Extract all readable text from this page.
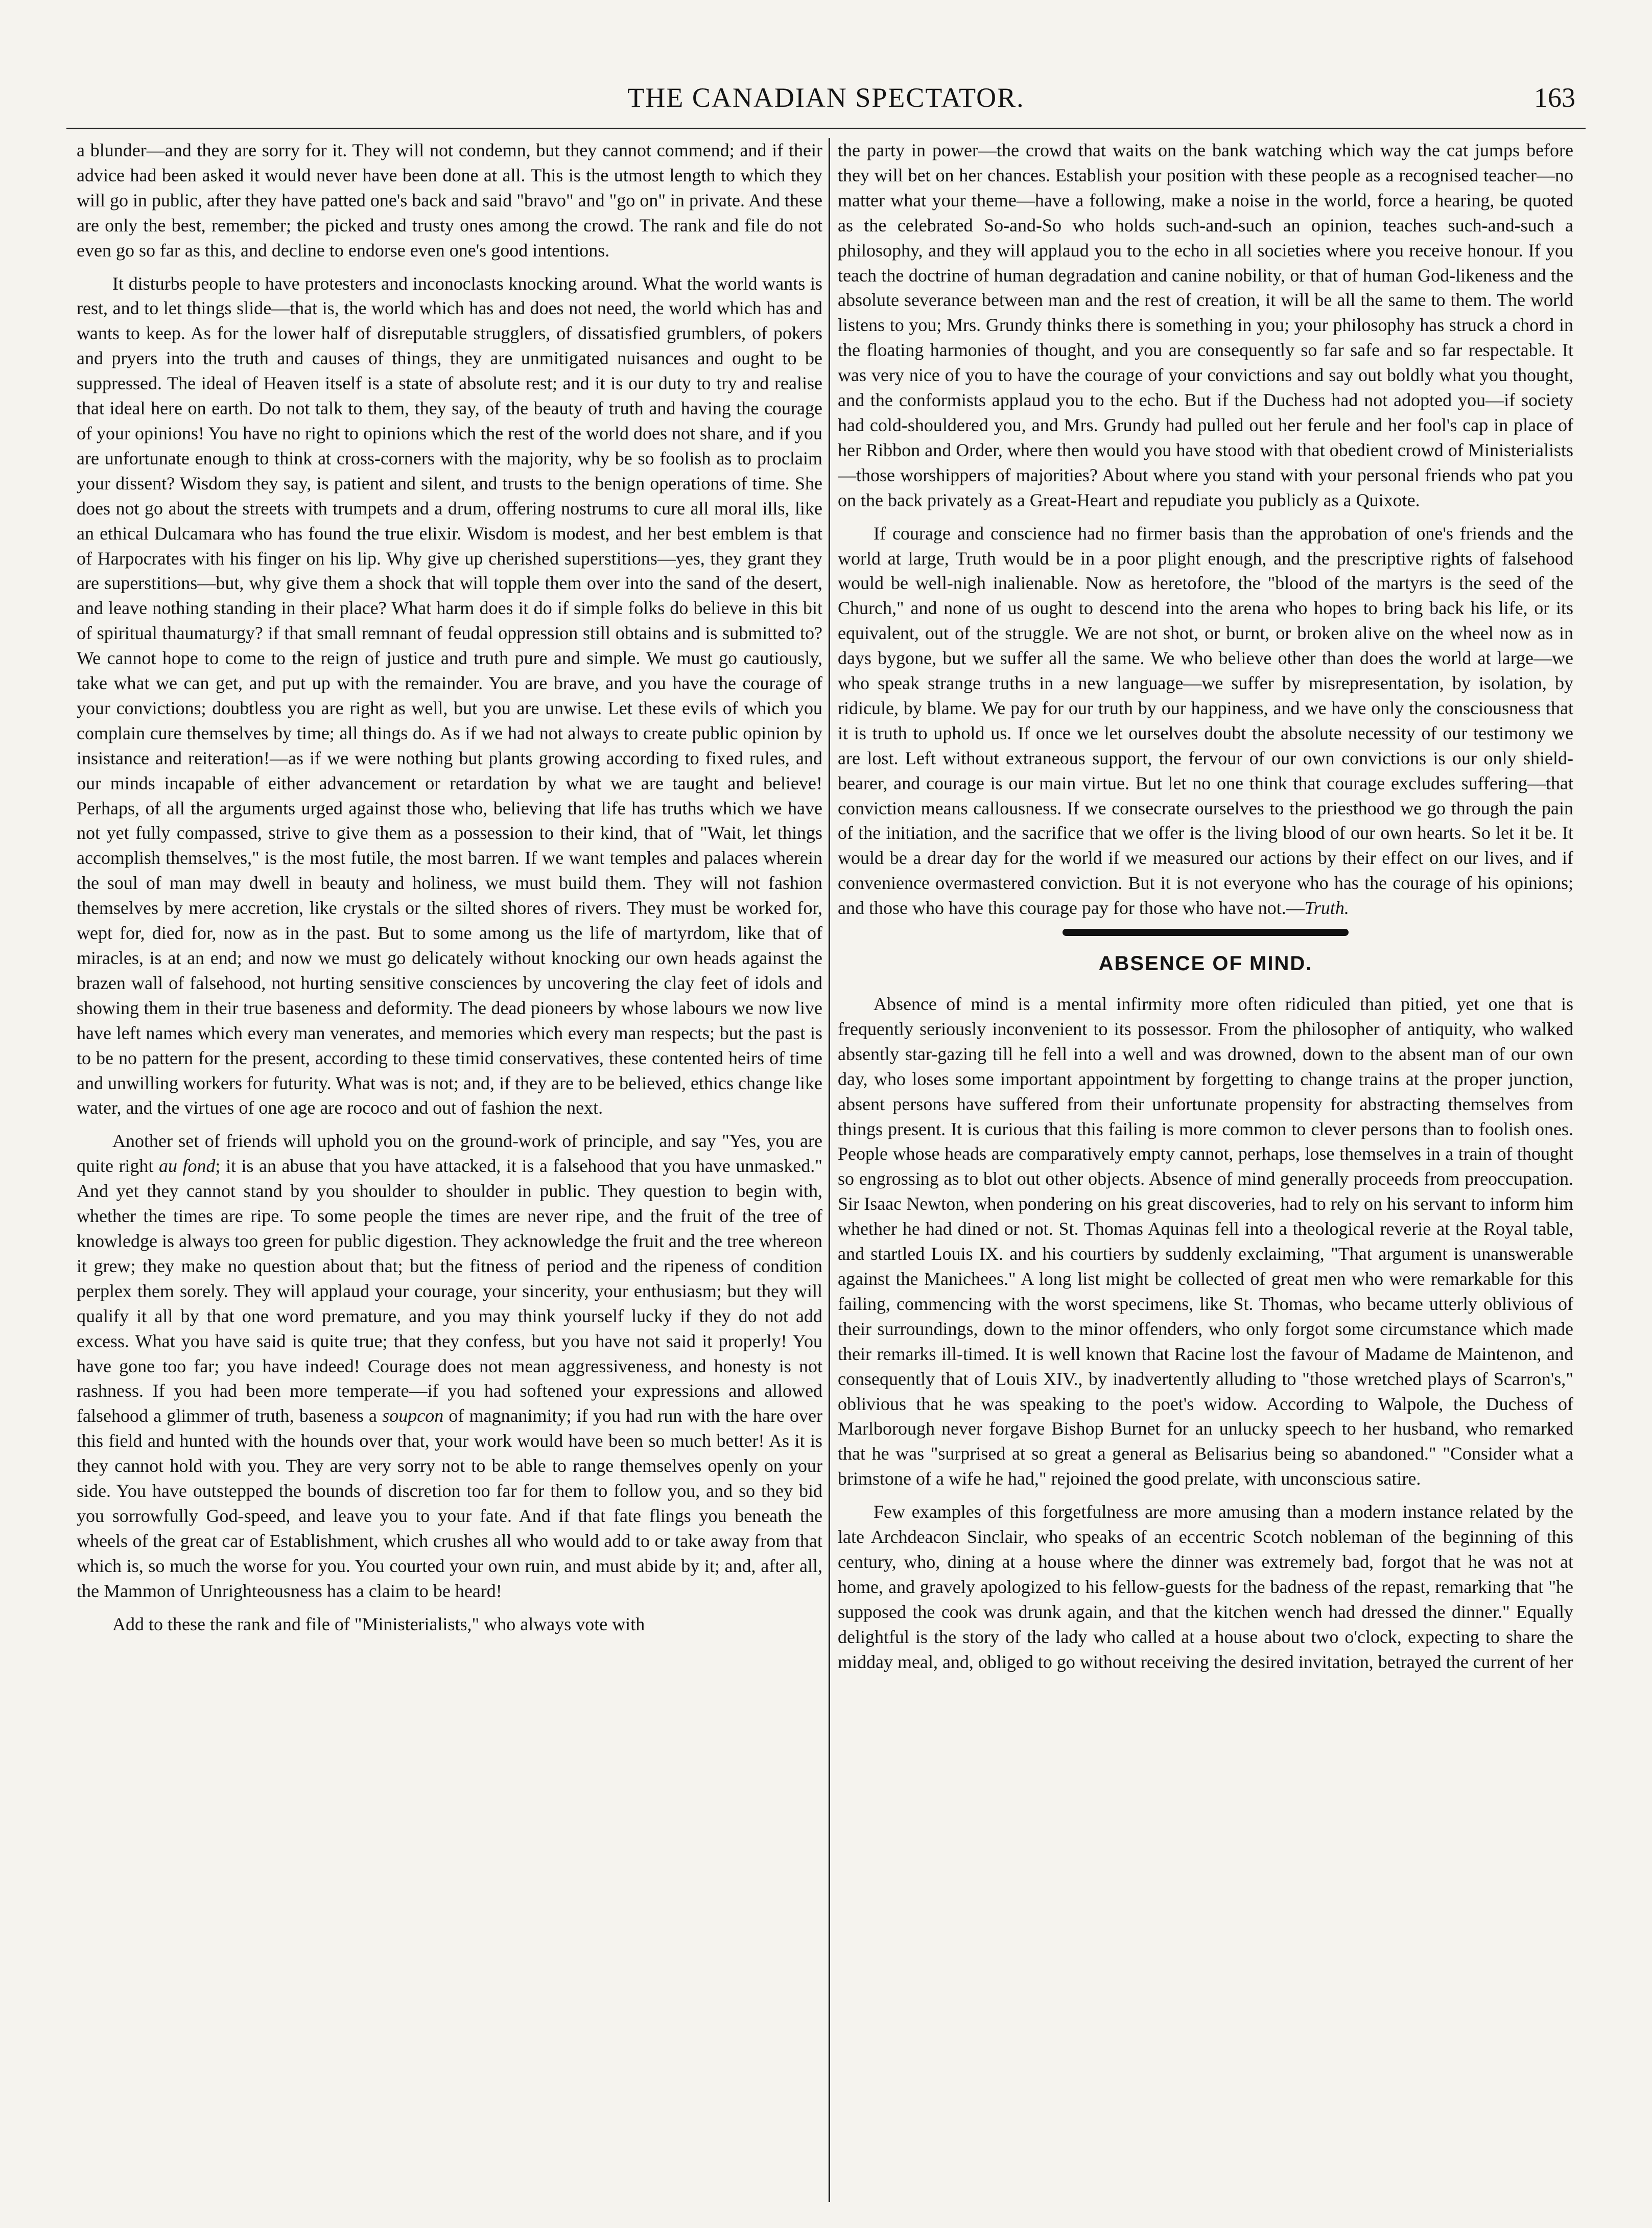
THE CANADIAN SPECTATOR.	163

a blunder—and they are sorry for it. They will not condemn, but they cannot commend; and if their advice had been asked it would never have been done at all. This is the utmost length to which they will go in public, after they have patted one's back and said "bravo" and "go on" in private. And these are only the best, remember; the picked and trusty ones among the crowd. The rank and file do not even go so far as this, and decline to endorse even one's good intentions.

It disturbs people to have protesters and inconoclasts knocking around. What the world wants is rest, and to let things slide—that is, the world which has and does not need, the world which has and wants to keep. As for the lower half of disreputable strugglers, of dissatisfied grumblers, of pokers and pryers into the truth and causes of things, they are unmitigated nuisances and ought to be suppressed. The ideal of Heaven itself is a state of absolute rest; and it is our duty to try and realise that ideal here on earth. Do not talk to them, they say, of the beauty of truth and having the courage of your opinions! You have no right to opinions which the rest of the world does not share, and if you are unfortunate enough to think at cross-corners with the majority, why be so foolish as to proclaim your dissent? Wisdom they say, is patient and silent, and trusts to the benign operations of time. She does not go about the streets with trumpets and a drum, offering nostrums to cure all moral ills, like an ethical Dulcamara who has found the true elixir. Wisdom is modest, and her best emblem is that of Harpocrates with his finger on his lip. Why give up cherished superstitions—yes, they grant they are superstitions—but, why give them a shock that will topple them over into the sand of the desert, and leave nothing standing in their place? What harm does it do if simple folks do believe in this bit of spiritual thaumaturgy? if that small remnant of feudal oppression still obtains and is submitted to? We cannot hope to come to the reign of justice and truth pure and simple. We must go cautiously, take what we can get, and put up with the remainder. You are brave, and you have the courage of your convictions; doubtless you are right as well, but you are unwise. Let these evils of which you complain cure themselves by time; all things do. As if we had not always to create public opinion by insistance and reiteration!—as if we were nothing but plants growing according to fixed rules, and our minds incapable of either advancement or retardation by what we are taught and believe! Perhaps, of all the arguments urged against those who, believing that life has truths which we have not yet fully compassed, strive to give them as a possession to their kind, that of "Wait, let things accomplish themselves," is the most futile, the most barren. If we want temples and palaces wherein the soul of man may dwell in beauty and holiness, we must build them. They will not fashion themselves by mere accretion, like crystals or the silted shores of rivers. They must be worked for, wept for, died for, now as in the past. But to some among us the life of martyrdom, like that of miracles, is at an end; and now we must go delicately without knocking our own heads against the brazen wall of falsehood, not hurting sensitive consciences by uncovering the clay feet of idols and showing them in their true baseness and deformity. The dead pioneers by whose labours we now live have left names which every man venerates, and memories which every man respects; but the past is to be no pattern for the present, according to these timid conservatives, these contented heirs of time and unwilling workers for futurity. What was is not; and, if they are to be believed, ethics change like water, and the virtues of one age are rococo and out of fashion the next.

Another set of friends will uphold you on the ground-work of principle, and say "Yes, you are quite right au fond; it is an abuse that you have attacked, it is a falsehood that you have unmasked." And yet they cannot stand by you shoulder to shoulder in public. They question to begin with, whether the times are ripe. To some people the times are never ripe, and the fruit of the tree of knowledge is always too green for public digestion. They acknowledge the fruit and the tree whereon it grew; they make no question about that; but the fitness of period and the ripeness of condition perplex them sorely. They will applaud your courage, your sincerity, your enthusiasm; but they will qualify it all by that one word premature, and you may think yourself lucky if they do not add excess. What you have said is quite true; that they confess, but you have not said it properly! You have gone too far; you have indeed! Courage does not mean aggressiveness, and honesty is not rashness. If you had been more temperate—if you had softened your expressions and allowed falsehood a glimmer of truth, baseness a soupcon of magnanimity; if you had run with the hare over this field and hunted with the hounds over that, your work would have been so much better! As it is they cannot hold with you. They are very sorry not to be able to range themselves openly on your side. You have outstepped the bounds of discretion too far for them to follow you, and so they bid you sorrowfully God-speed, and leave you to your fate. And if that fate flings you beneath the wheels of the great car of Establishment, which crushes all who would add to or take away from that which is, so much the worse for you. You courted your own ruin, and must abide by it; and, after all, the Mammon of Unrighteousness has a claim to be heard!

Add to these the rank and file of "Ministerialists," who always vote with

the party in power—the crowd that waits on the bank watching which way the cat jumps before they will bet on her chances. Establish your position with these people as a recognised teacher—no matter what your theme—have a following, make a noise in the world, force a hearing, be quoted as the celebrated So-and-So who holds such-and-such an opinion, teaches such-and-such a philosophy, and they will applaud you to the echo in all societies where you receive honour. If you teach the doctrine of human degradation and canine nobility, or that of human God-likeness and the absolute severance between man and the rest of creation, it will be all the same to them. The world listens to you; Mrs. Grundy thinks there is something in you; your philosophy has struck a chord in the floating harmonies of thought, and you are consequently so far safe and so far respectable. It was very nice of you to have the courage of your convictions and say out boldly what you thought, and the conformists applaud you to the echo. But if the Duchess had not adopted you—if society had cold-shouldered you, and Mrs. Grundy had pulled out her ferule and her fool's cap in place of her Ribbon and Order, where then would you have stood with that obedient crowd of Ministerialists—those worshippers of majorities? About where you stand with your personal friends who pat you on the back privately as a Great-Heart and repudiate you publicly as a Quixote.

If courage and conscience had no firmer basis than the approbation of one's friends and the world at large, Truth would be in a poor plight enough, and the prescriptive rights of falsehood would be well-nigh inalienable. Now as heretofore, the "blood of the martyrs is the seed of the Church," and none of us ought to descend into the arena who hopes to bring back his life, or its equivalent, out of the struggle. We are not shot, or burnt, or broken alive on the wheel now as in days bygone, but we suffer all the same. We who believe other than does the world at large—we who speak strange truths in a new language—we suffer by misrepresentation, by isolation, by ridicule, by blame. We pay for our truth by our happiness, and we have only the consciousness that it is truth to uphold us. If once we let ourselves doubt the absolute necessity of our testimony we are lost. Left without extraneous support, the fervour of our own convictions is our only shield-bearer, and courage is our main virtue. But let no one think that courage excludes suffering—that conviction means callousness. If we consecrate ourselves to the priesthood we go through the pain of the initiation, and the sacrifice that we offer is the living blood of our own hearts. So let it be. It would be a drear day for the world if we measured our actions by their effect on our lives, and if convenience overmastered conviction. But it is not everyone who has the courage of his opinions; and those who have this courage pay for those who have not.—Truth.

ABSENCE OF MIND.

Absence of mind is a mental infirmity more often ridiculed than pitied, yet one that is frequently seriously inconvenient to its possessor. From the philosopher of antiquity, who walked absently star-gazing till he fell into a well and was drowned, down to the absent man of our own day, who loses some important appointment by forgetting to change trains at the proper junction, absent persons have suffered from their unfortunate propensity for abstracting themselves from things present. It is curious that this failing is more common to clever persons than to foolish ones. People whose heads are comparatively empty cannot, perhaps, lose themselves in a train of thought so engrossing as to blot out other objects. Absence of mind generally proceeds from preoccupation. Sir Isaac Newton, when pondering on his great discoveries, had to rely on his servant to inform him whether he had dined or not. St. Thomas Aquinas fell into a theological reverie at the Royal table, and startled Louis IX. and his courtiers by suddenly exclaiming, "That argument is unanswerable against the Manichees." A long list might be collected of great men who were remarkable for this failing, commencing with the worst specimens, like St. Thomas, who became utterly oblivious of their surroundings, down to the minor offenders, who only forgot some circumstance which made their remarks ill-timed. It is well known that Racine lost the favour of Madame de Maintenon, and consequently that of Louis XIV., by inadvertently alluding to "those wretched plays of Scarron's," oblivious that he was speaking to the poet's widow. According to Walpole, the Duchess of Marlborough never forgave Bishop Burnet for an unlucky speech to her husband, who remarked that he was "surprised at so great a general as Belisarius being so abandoned." "Consider what a brimstone of a wife he had," rejoined the good prelate, with unconscious satire.

Few examples of this forgetfulness are more amusing than a modern instance related by the late Archdeacon Sinclair, who speaks of an eccentric Scotch nobleman of the beginning of this century, who, dining at a house where the dinner was extremely bad, forgot that he was not at home, and gravely apologized to his fellow-guests for the badness of the repast, remarking that "he supposed the cook was drunk again, and that the kitchen wench had dressed the dinner." Equally delightful is the story of the lady who called at a house about two o'clock, expecting to share the midday meal, and, obliged to go without receiving the desired invitation, betrayed the current of her
